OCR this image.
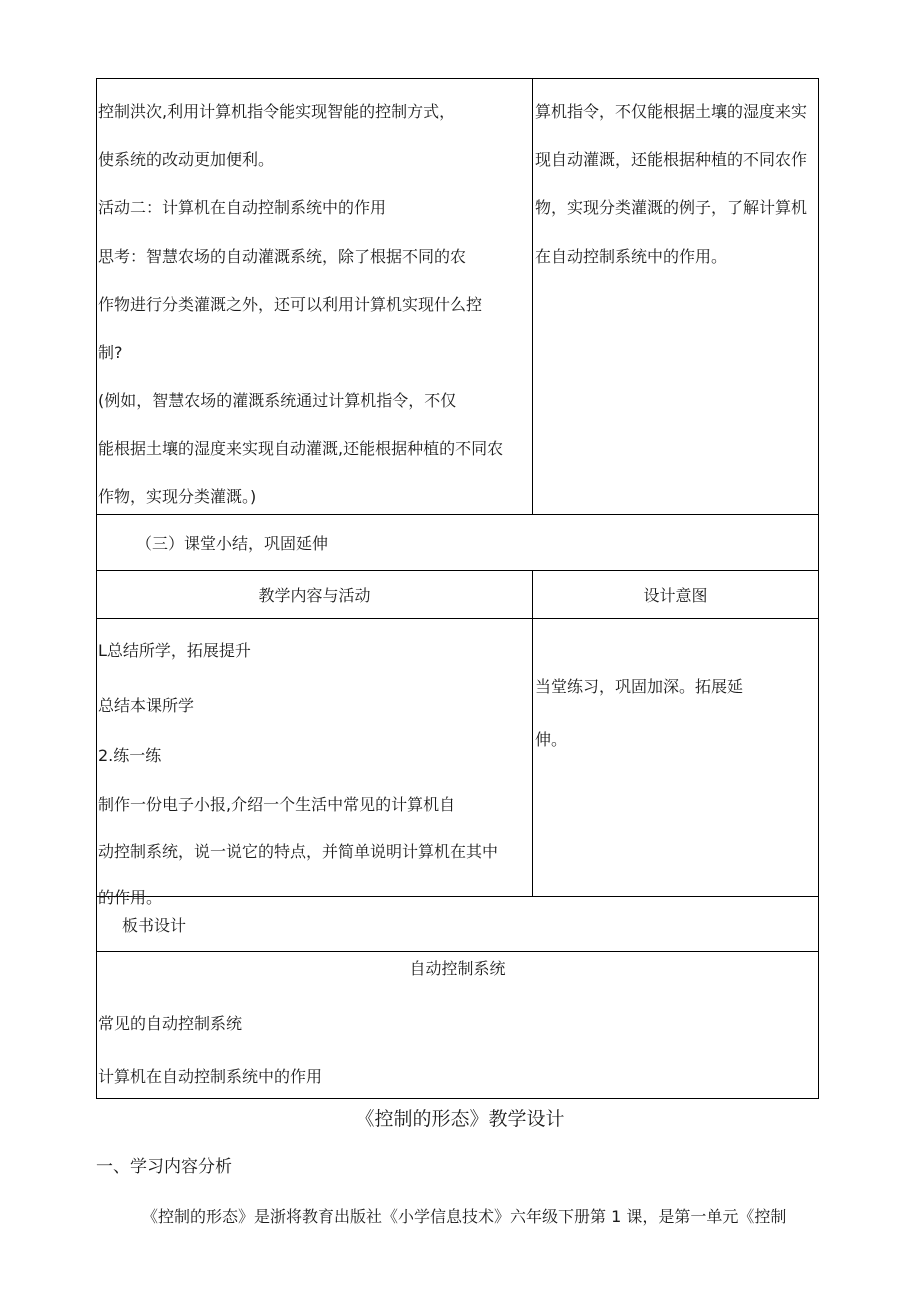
控制洪次,利用计算机指令能实现智能的控制方式，
使系统的改动更加便利。
活动二：计算机在自动控制系统中的作用
思考：智慧农场的自动灌溉系统，除了根据不同的农
作物进行分类灌溉之外，还可以利用计算机实现什么控
制?
(例如，智慧农场的灌溉系统通过计算机指令，不仅
能根据土壤的湿度来实现自动灌溉,还能根据种植的不同农
作物，实现分类灌溉。)
算机指令，不仅能根据土壤的湿度来实
现自动灌溉，还能根据种植的不同农作
物，实现分类灌溉的例子，了解计算机
在自动控制系统中的作用。
（三）课堂小结，巩固延伸
教学内容与活动	设计意图
L总结所学，拓展提升
总结本课所学
2.练一练
制作一份电子小报,介绍一个生活中常见的计算机自
动控制系统，说一说它的特点，并简单说明计算机在其中
的作用。
当堂练习，巩固加深。拓展延
伸。
板书设计
自动控制系统
常见的自动控制系统
计算机在自动控制系统中的作用
《控制的形态》教学设计
一、学习内容分析
《控制的形态》是浙将教育出版社《小学信息技术》六年级下册第 1 课，是第一单元《控制
